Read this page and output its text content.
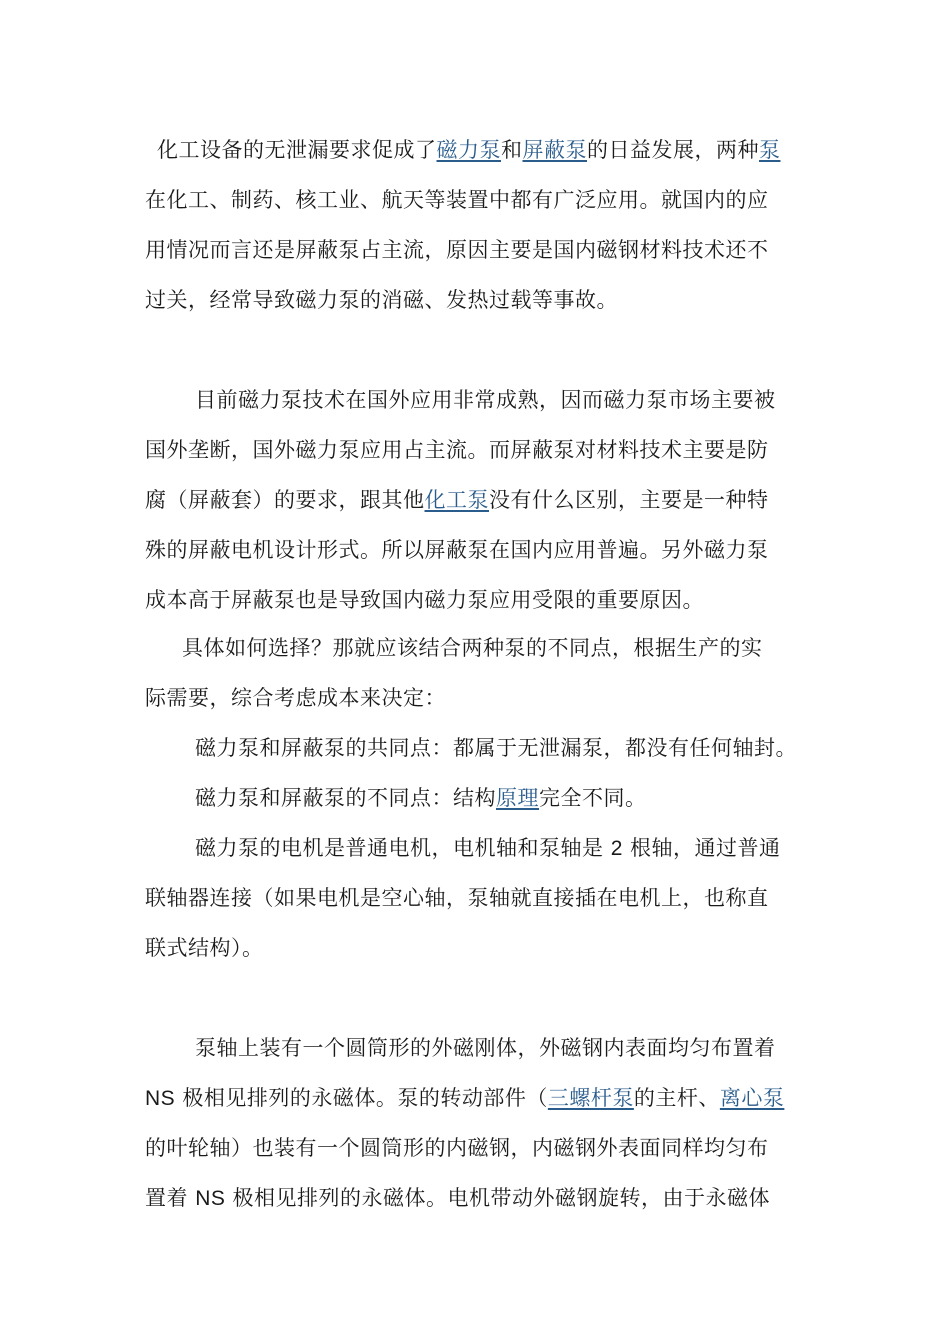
化工设备的无泄漏要求促成了磁力泵和屏蔽泵的日益发展，两种泵
在化工、制药、核工业、航天等装置中都有广泛应用。就国内的应
用情况而言还是屏蔽泵占主流，原因主要是国内磁钢材料技术还不
过关，经常导致磁力泵的消磁、发热过载等事故。
目前磁力泵技术在国外应用非常成熟，因而磁力泵市场主要被
国外垄断，国外磁力泵应用占主流。而屏蔽泵对材料技术主要是防
腐（屏蔽套）的要求，跟其他化工泵没有什么区别，主要是一种特
殊的屏蔽电机设计形式。所以屏蔽泵在国内应用普遍。另外磁力泵
成本高于屏蔽泵也是导致国内磁力泵应用受限的重要原因。
具体如何选择？那就应该结合两种泵的不同点，根据生产的实
际需要，综合考虑成本来决定：
磁力泵和屏蔽泵的共同点：都属于无泄漏泵，都没有任何轴封。
磁力泵和屏蔽泵的不同点：结构原理完全不同。
磁力泵的电机是普通电机，电机轴和泵轴是 2 根轴，通过普通
联轴器连接（如果电机是空心轴，泵轴就直接插在电机上，也称直
联式结构）。
泵轴上装有一个圆筒形的外磁刚体，外磁钢内表面均匀布置着
NS 极相见排列的永磁体。泵的转动部件（三螺杆泵的主杆、离心泵
的叶轮轴）也装有一个圆筒形的内磁钢，内磁钢外表面同样均匀布
置着 NS 极相见排列的永磁体。电机带动外磁钢旋转，由于永磁体
